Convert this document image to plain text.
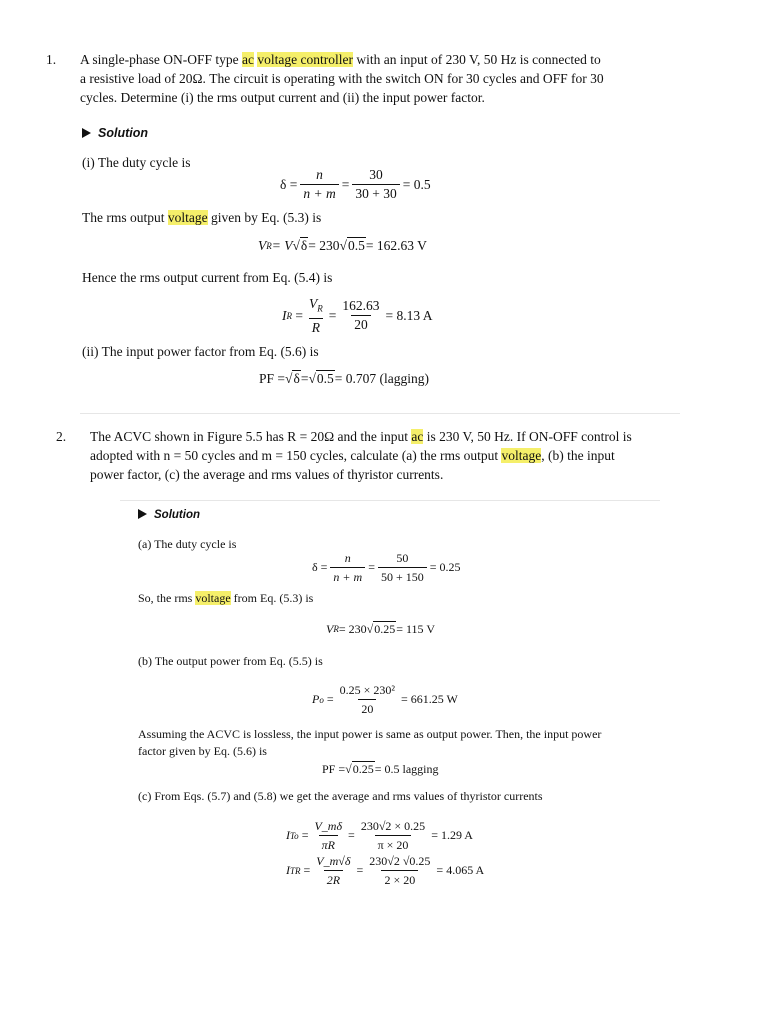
1. A single-phase ON-OFF type ac voltage controller with an input of 230 V, 50 Hz is connected to
a resistive load of 20Ω. The circuit is operating with the switch ON for 30 cycles and OFF for 30
cycles. Determine (i) the rms output current and (ii) the input power factor.
Solution
(i) The duty cycle is
$\delta = \frac{n}{n + m} = \frac{30}{30 + 30} = 0.5$
The rms output voltage given by Eq. (5.3) is
V R = V √ δ = 230 √ 0.5 = 162.63 V
Hence the rms output current from Eq. (5.4) is
I R
= $\frac{V_R}{R} = \frac{162.63}{20} = 8.13$ A
(ii) The input power factor from Eq. (5.6) is
PF = √ δ = √ 0.5 = 0.707 (lagging)
2. The ACVC shown in Figure 5.5 has R = 20Ω and the input ac is 230 V, 50 Hz. If ON-OFF control is
adopted with n = 50 cycles and m = 150 cycles, calculate (a) the rms output voltage, (b) the input
power factor, (c) the average and rms values of thyristor currents.
Solution
(a) The duty cycle is
$\delta = \frac{n}{n + m} = \frac{50}{50 + 150} = 0.25$
So, the rms voltage from Eq. (5.3) is
V R = 230 √ 0.25 = 115 V
(b) The output power from Eq. (5.5) is
P o
= $\frac{\text{0.25 × 230²}}{20} = 661.25$ W
Assuming the ACVC is lossless, the input power is same as output power. Then, the input power
factor given by Eq. (5.6) is
PF = √ 0.25 = 0.5 lagging
(c) From Eqs. (5.7) and (5.8) we get the average and rms values of thyristor currents
I To
= $\frac{V\_m\delta}{\pi R} = \frac{230√2 \times 0.25}{\pi \times 20} = 1.29$ A
I TR
= $\frac{V\_m√\delta}{2R} = \frac{230√2 √0.25}{2 \times 20} = 4.065$ A
